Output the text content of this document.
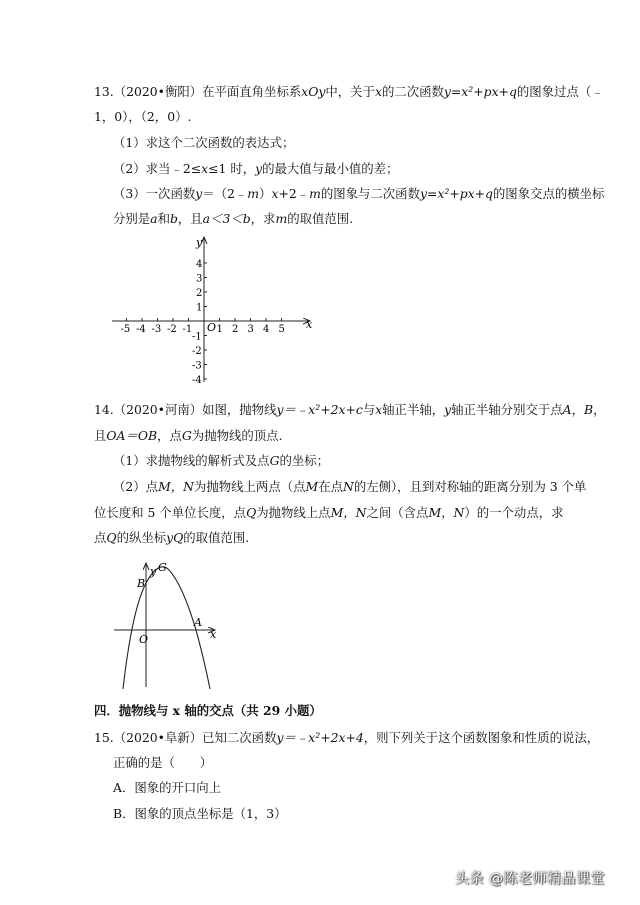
13.（2020•衡阳）在平面直角坐标系xOy中，关于x的二次函数y=x²+px+q的图象过点（﹣
1，0），（2，0）.
（1）求这个二次函数的表达式；
（2）求当﹣2≤x≤1 时，y的最大值与最小值的差；
（3）一次函数y＝（2﹣m）x+2﹣m的图象与二次函数y=x²+px+q的图象交点的横坐标
分别是a和b，且a＜3＜b，求m的取值范围.
x
y
O
-5 -4 -3 -2 -1 1 2 3 4 5
4
3
2
1
-1
-2
-3
-4
14.（2020•河南）如图，抛物线y＝﹣x²+2x+c与x轴正半轴，y轴正半轴分别交于点A，B，
且OA＝OB，点G为抛物线的顶点.
（1）求抛物线的解析式及点G的坐标；
（2）点M，N为抛物线上两点（点M在点N的左侧），且到对称轴的距离分别为 3 个单
位长度和 5 个单位长度，点Q为抛物线上点M，N之间（含点M，N）的一个动点，求
点Q的纵坐标yQ的取值范围.
x
y
O
A
B
G
四．抛物线与 x 轴的交点（共 29 小题）
15.（2020•阜新）已知二次函数y＝﹣x²+2x+4，则下列关于这个函数图象和性质的说法，
正确的是（　　）
A．图象的开口向上
B．图象的顶点坐标是（1，3）
头条 @陈老师精品课堂
